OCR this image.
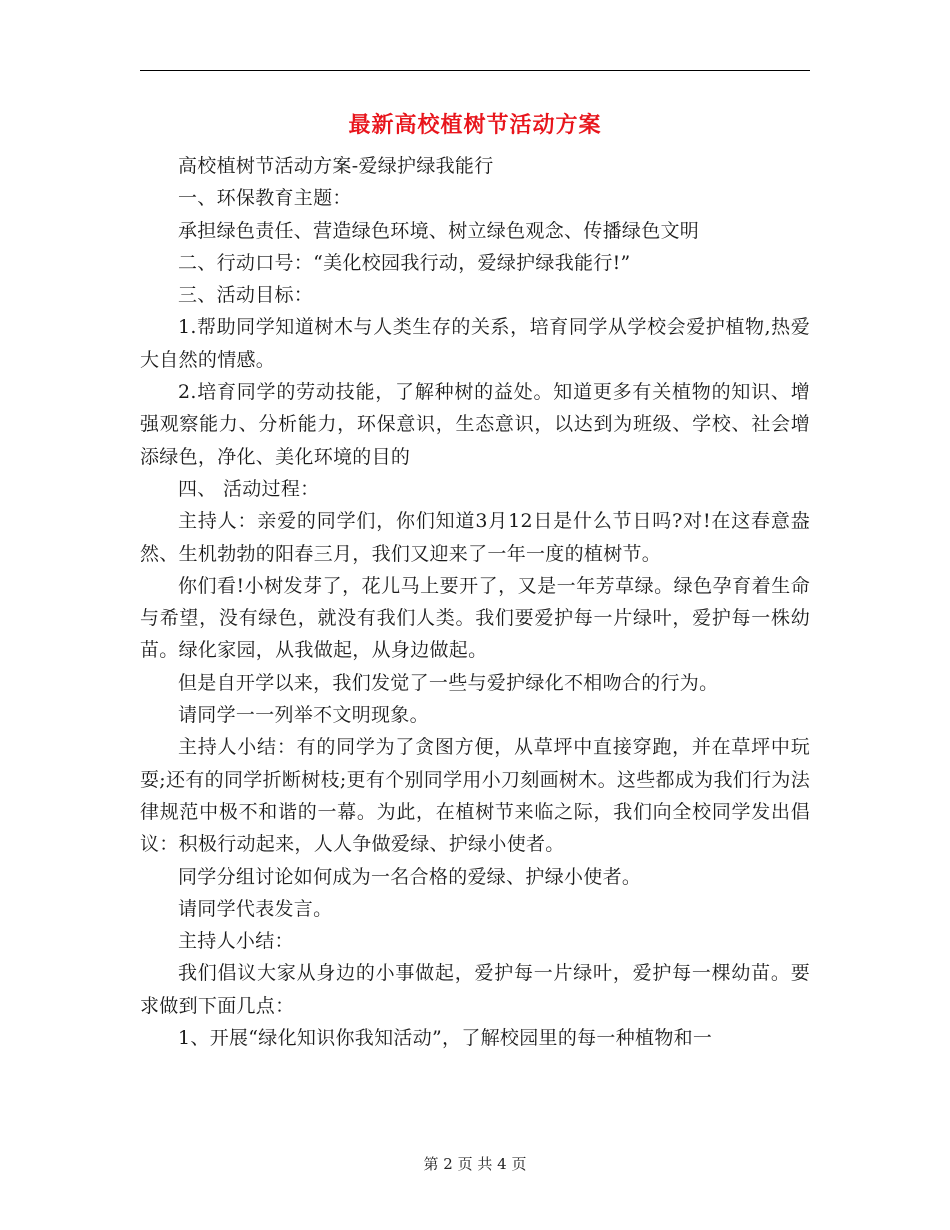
最新高校植树节活动方案

高校植树节活动方案-爱绿护绿我能行

一、环保教育主题：

承担绿色责任、营造绿色环境、树立绿色观念、传播绿色文明

二、行动口号：“美化校园我行动，爱绿护绿我能行!”

三、活动目标：

1.帮助同学知道树木与人类生存的关系，培育同学从学校会爱护植物,热爱大自然的情感。

2.培育同学的劳动技能，了解种树的益处。知道更多有关植物的知识、增强观察能力、分析能力，环保意识，生态意识，以达到为班级、学校、社会增添绿色，净化、美化环境的目的

四、 活动过程：

主持人：亲爱的同学们，你们知道3月12日是什么节日吗?对!在这春意盎然、生机勃勃的阳春三月，我们又迎来了一年一度的植树节。

你们看!小树发芽了，花儿马上要开了，又是一年芳草绿。绿色孕育着生命与希望，没有绿色，就没有我们人类。我们要爱护每一片绿叶，爱护每一株幼苗。绿化家园，从我做起，从身边做起。

但是自开学以来，我们发觉了一些与爱护绿化不相吻合的行为。

请同学一一列举不文明现象。

主持人小结：有的同学为了贪图方便，从草坪中直接穿跑，并在草坪中玩耍;还有的同学折断树枝;更有个别同学用小刀刻画树木。这些都成为我们行为法律规范中极不和谐的一幕。为此，在植树节来临之际，我们向全校同学发出倡议：积极行动起来，人人争做爱绿、护绿小使者。

同学分组讨论如何成为一名合格的爱绿、护绿小使者。

请同学代表发言。

主持人小结：

我们倡议大家从身边的小事做起，爱护每一片绿叶，爱护每一棵幼苗。要求做到下面几点：

1、开展“绿化知识你我知活动”，了解校园里的每一种植物和一

第 2 页 共 4 页
